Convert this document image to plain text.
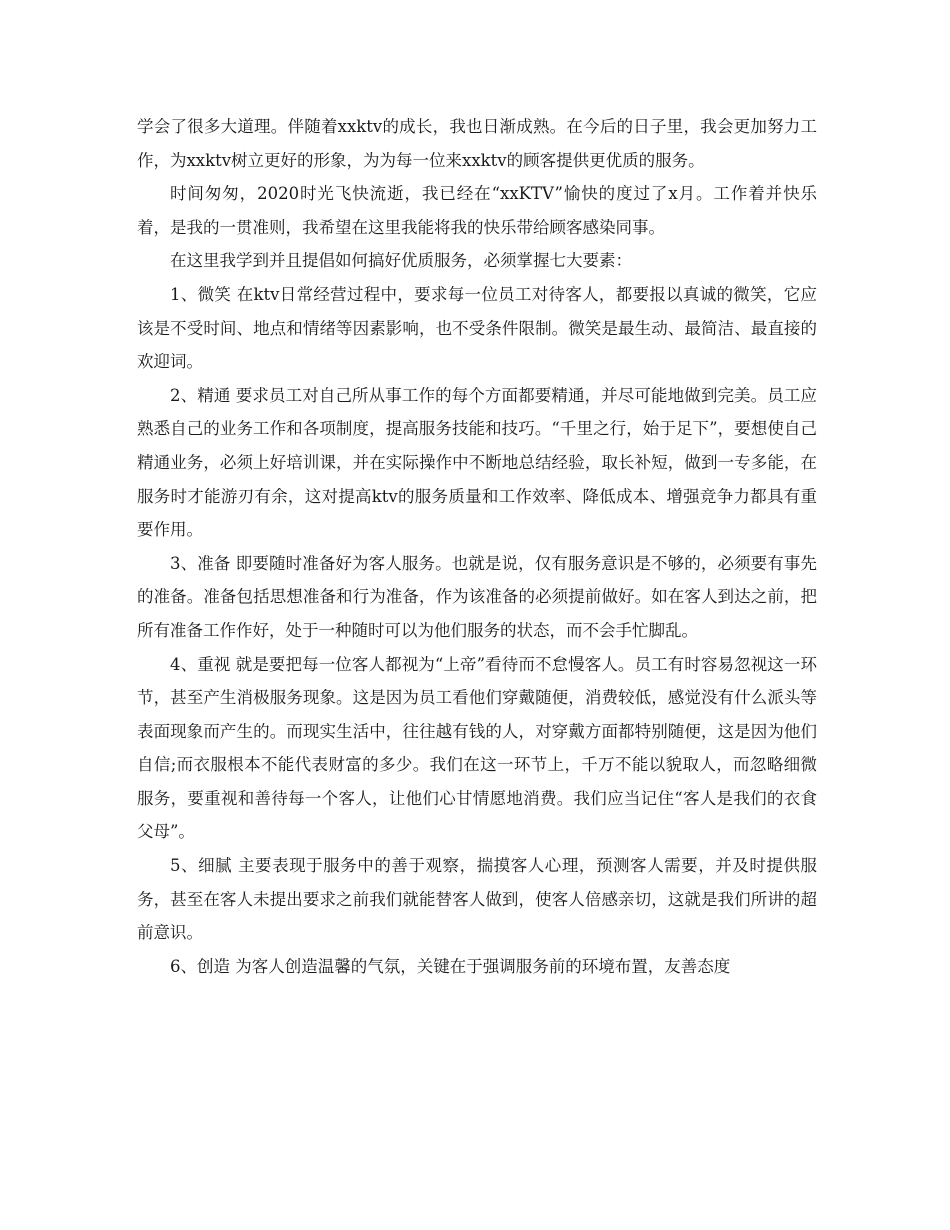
学会了很多大道理。伴随着xxktv的成长，我也日渐成熟。在今后的日子里，我会更加努力工作，为xxktv树立更好的形象，为为每一位来xxktv的顾客提供更优质的服务。

时间匆匆，2020时光飞快流逝，我已经在“xxKTV”愉快的度过了x月。工作着并快乐着，是我的一贯准则，我希望在这里我能将我的快乐带给顾客感染同事。

在这里我学到并且提倡如何搞好优质服务，必须掌握七大要素：

1、微笑 在ktv日常经营过程中，要求每一位员工对待客人，都要报以真诚的微笑，它应该是不受时间、地点和情绪等因素影响，也不受条件限制。微笑是最生动、最简洁、最直接的欢迎词。

2、精通 要求员工对自己所从事工作的每个方面都要精通，并尽可能地做到完美。员工应熟悉自己的业务工作和各项制度，提高服务技能和技巧。“千里之行，始于足下”，要想使自己精通业务，必须上好培训课，并在实际操作中不断地总结经验，取长补短，做到一专多能，在服务时才能游刃有余，这对提高ktv的服务质量和工作效率、降低成本、增强竞争力都具有重要作用。

3、准备 即要随时准备好为客人服务。也就是说，仅有服务意识是不够的，必须要有事先的准备。准备包括思想准备和行为准备，作为该准备的必须提前做好。如在客人到达之前，把所有准备工作作好，处于一种随时可以为他们服务的状态，而不会手忙脚乱。

4、重视 就是要把每一位客人都视为“上帝”看待而不怠慢客人。员工有时容易忽视这一环节，甚至产生消极服务现象。这是因为员工看他们穿戴随便，消费较低，感觉没有什么派头等表面现象而产生的。而现实生活中，往往越有钱的人，对穿戴方面都特别随便，这是因为他们自信;而衣服根本不能代表财富的多少。我们在这一环节上，千万不能以貌取人，而忽略细微服务，要重视和善待每一个客人，让他们心甘情愿地消费。我们应当记住“客人是我们的衣食父母”。

5、细腻 主要表现于服务中的善于观察，揣摸客人心理，预测客人需要，并及时提供服务，甚至在客人未提出要求之前我们就能替客人做到，使客人倍感亲切，这就是我们所讲的超前意识。

6、创造 为客人创造温馨的气氛，关键在于强调服务前的环境布置，友善态度
